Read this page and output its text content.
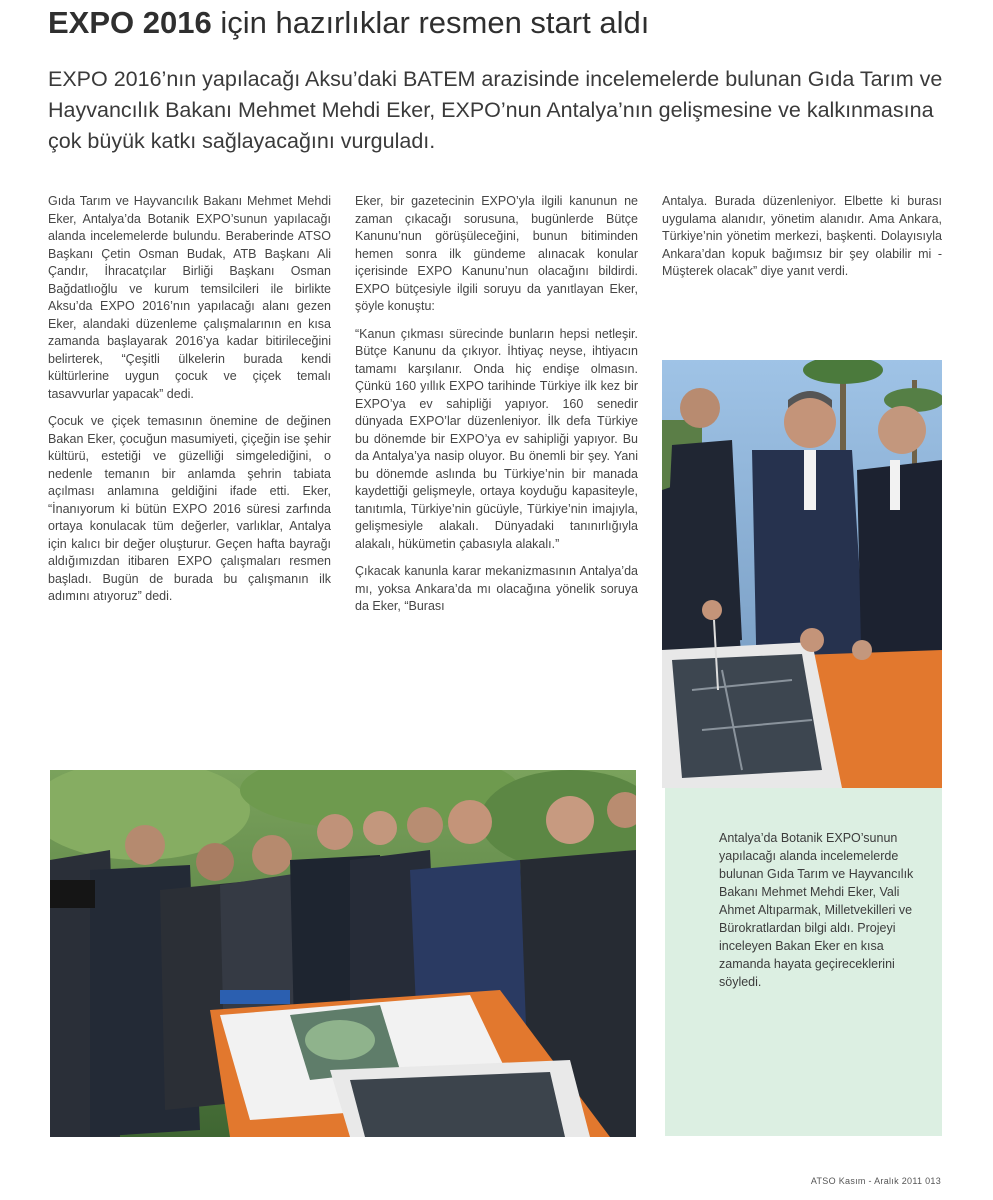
EXPO 2016 için hazırlıklar resmen start aldı
EXPO 2016’nın yapılacağı Aksu’daki BATEM arazisinde incelemelerde bulunan Gıda Tarım ve Hayvancılık Bakanı Mehmet Mehdi Eker, EXPO’nun Antalya’nın gelişmesine ve kalkınmasına çok büyük katkı sağlayacağını vurguladı.

Gıda Tarım ve Hayvancılık Bakanı Mehmet Mehdi Eker, Antalya’da Botanik EXPO’sunun yapılacağı alanda incelemelerde bulundu. Beraberinde ATSO Başkanı Çetin Osman Budak, ATB Başkanı Ali Çandır, İhracatçılar Birliği Başkanı Osman Bağdatlıoğlu ve kurum temsilcileri ile birlikte Aksu’da EXPO 2016’nın yapılacağı alanı gezen Eker, alandaki düzenleme çalışmalarının en kısa zamanda başlayarak 2016’ya kadar bitirileceğini belirterek, “Çeşitli ülkelerin burada kendi kültürlerine uygun çocuk ve çiçek temalı tasavvurlar yapacak” dedi.

Çocuk ve çiçek temasının önemine de değinen Bakan Eker, çocuğun masumiyeti, çiçeğin ise şehir kültürü, estetiği ve güzelliği simgelediğini, o nedenle temanın bir anlamda şehrin tabiata açılması anlamına geldiğini ifade etti. Eker, “İnanıyorum ki bütün EXPO 2016 süresi zarfında ortaya konulacak tüm değerler, varlıklar, Antalya için kalıcı bir değer oluşturur. Geçen hafta bayrağı aldığımızdan itibaren EXPO çalışmaları resmen başladı. Bugün de burada bu çalışmanın ilk adımını atıyoruz” dedi.

Eker, bir gazetecinin EXPO’yla ilgili kanunun ne zaman çıkacağı sorusuna, bugünlerde Bütçe Kanunu’nun görüşüleceğini, bunun bitiminden hemen sonra ilk gündeme alınacak konular içerisinde EXPO Kanunu’nun olacağını bildirdi. EXPO bütçesiyle ilgili soruyu da yanıtlayan Eker, şöyle konuştu:

“Kanun çıkması sürecinde bunların hepsi netleşir. Bütçe Kanunu da çıkıyor. İhtiyaç neyse, ihtiyacın tamamı karşılanır. Onda hiç endişe olmasın. Çünkü 160 yıllık EXPO tarihinde Türkiye ilk kez bir EXPO’ya ev sahipliği yapıyor. 160 senedir dünyada EXPO’lar düzenleniyor. İlk defa Türkiye bu dönemde bir EXPO’ya ev sahipliği yapıyor. Bu da Antalya’ya nasip oluyor. Bu önemli bir şey. Yani bu dönemde aslında bu Türkiye’nin bir manada kaydettiği gelişmeyle, ortaya koyduğu kapasiteyle, tanıtımla, Türkiye’nin gücüyle, Türkiye’nin imajıyla, gelişmesiyle alakalı. Dünyadaki tanınırlığıyla alakalı, hükümetin çabasıyla alakalı.”

Çıkacak kanunla karar mekanizmasının Antalya’da mı, yoksa Ankara’da mı olacağına yönelik soruya da Eker, “Burası

Antalya. Burada düzenleniyor. Elbette ki burası uygulama alanıdır, yönetim alanıdır. Ama Ankara, Türkiye’nin yönetim merkezi, başkenti. Dolayısıyla Ankara’dan kopuk bağımsız bir şey olabilir mi - Müşterek olacak” diye yanıt verdi.

Antalya’da Botanik EXPO’sunun yapılacağı alanda incelemelerde bulunan Gıda Tarım ve Hayvancılık Bakanı Mehmet Mehdi Eker, Vali Ahmet Altıparmak, Milletvekilleri ve Bürokratlardan bilgi aldı. Projeyi inceleyen Bakan Eker en kısa zamanda hayata geçireceklerini söyledi.
ATSO Kasım - Aralık 2011 013
